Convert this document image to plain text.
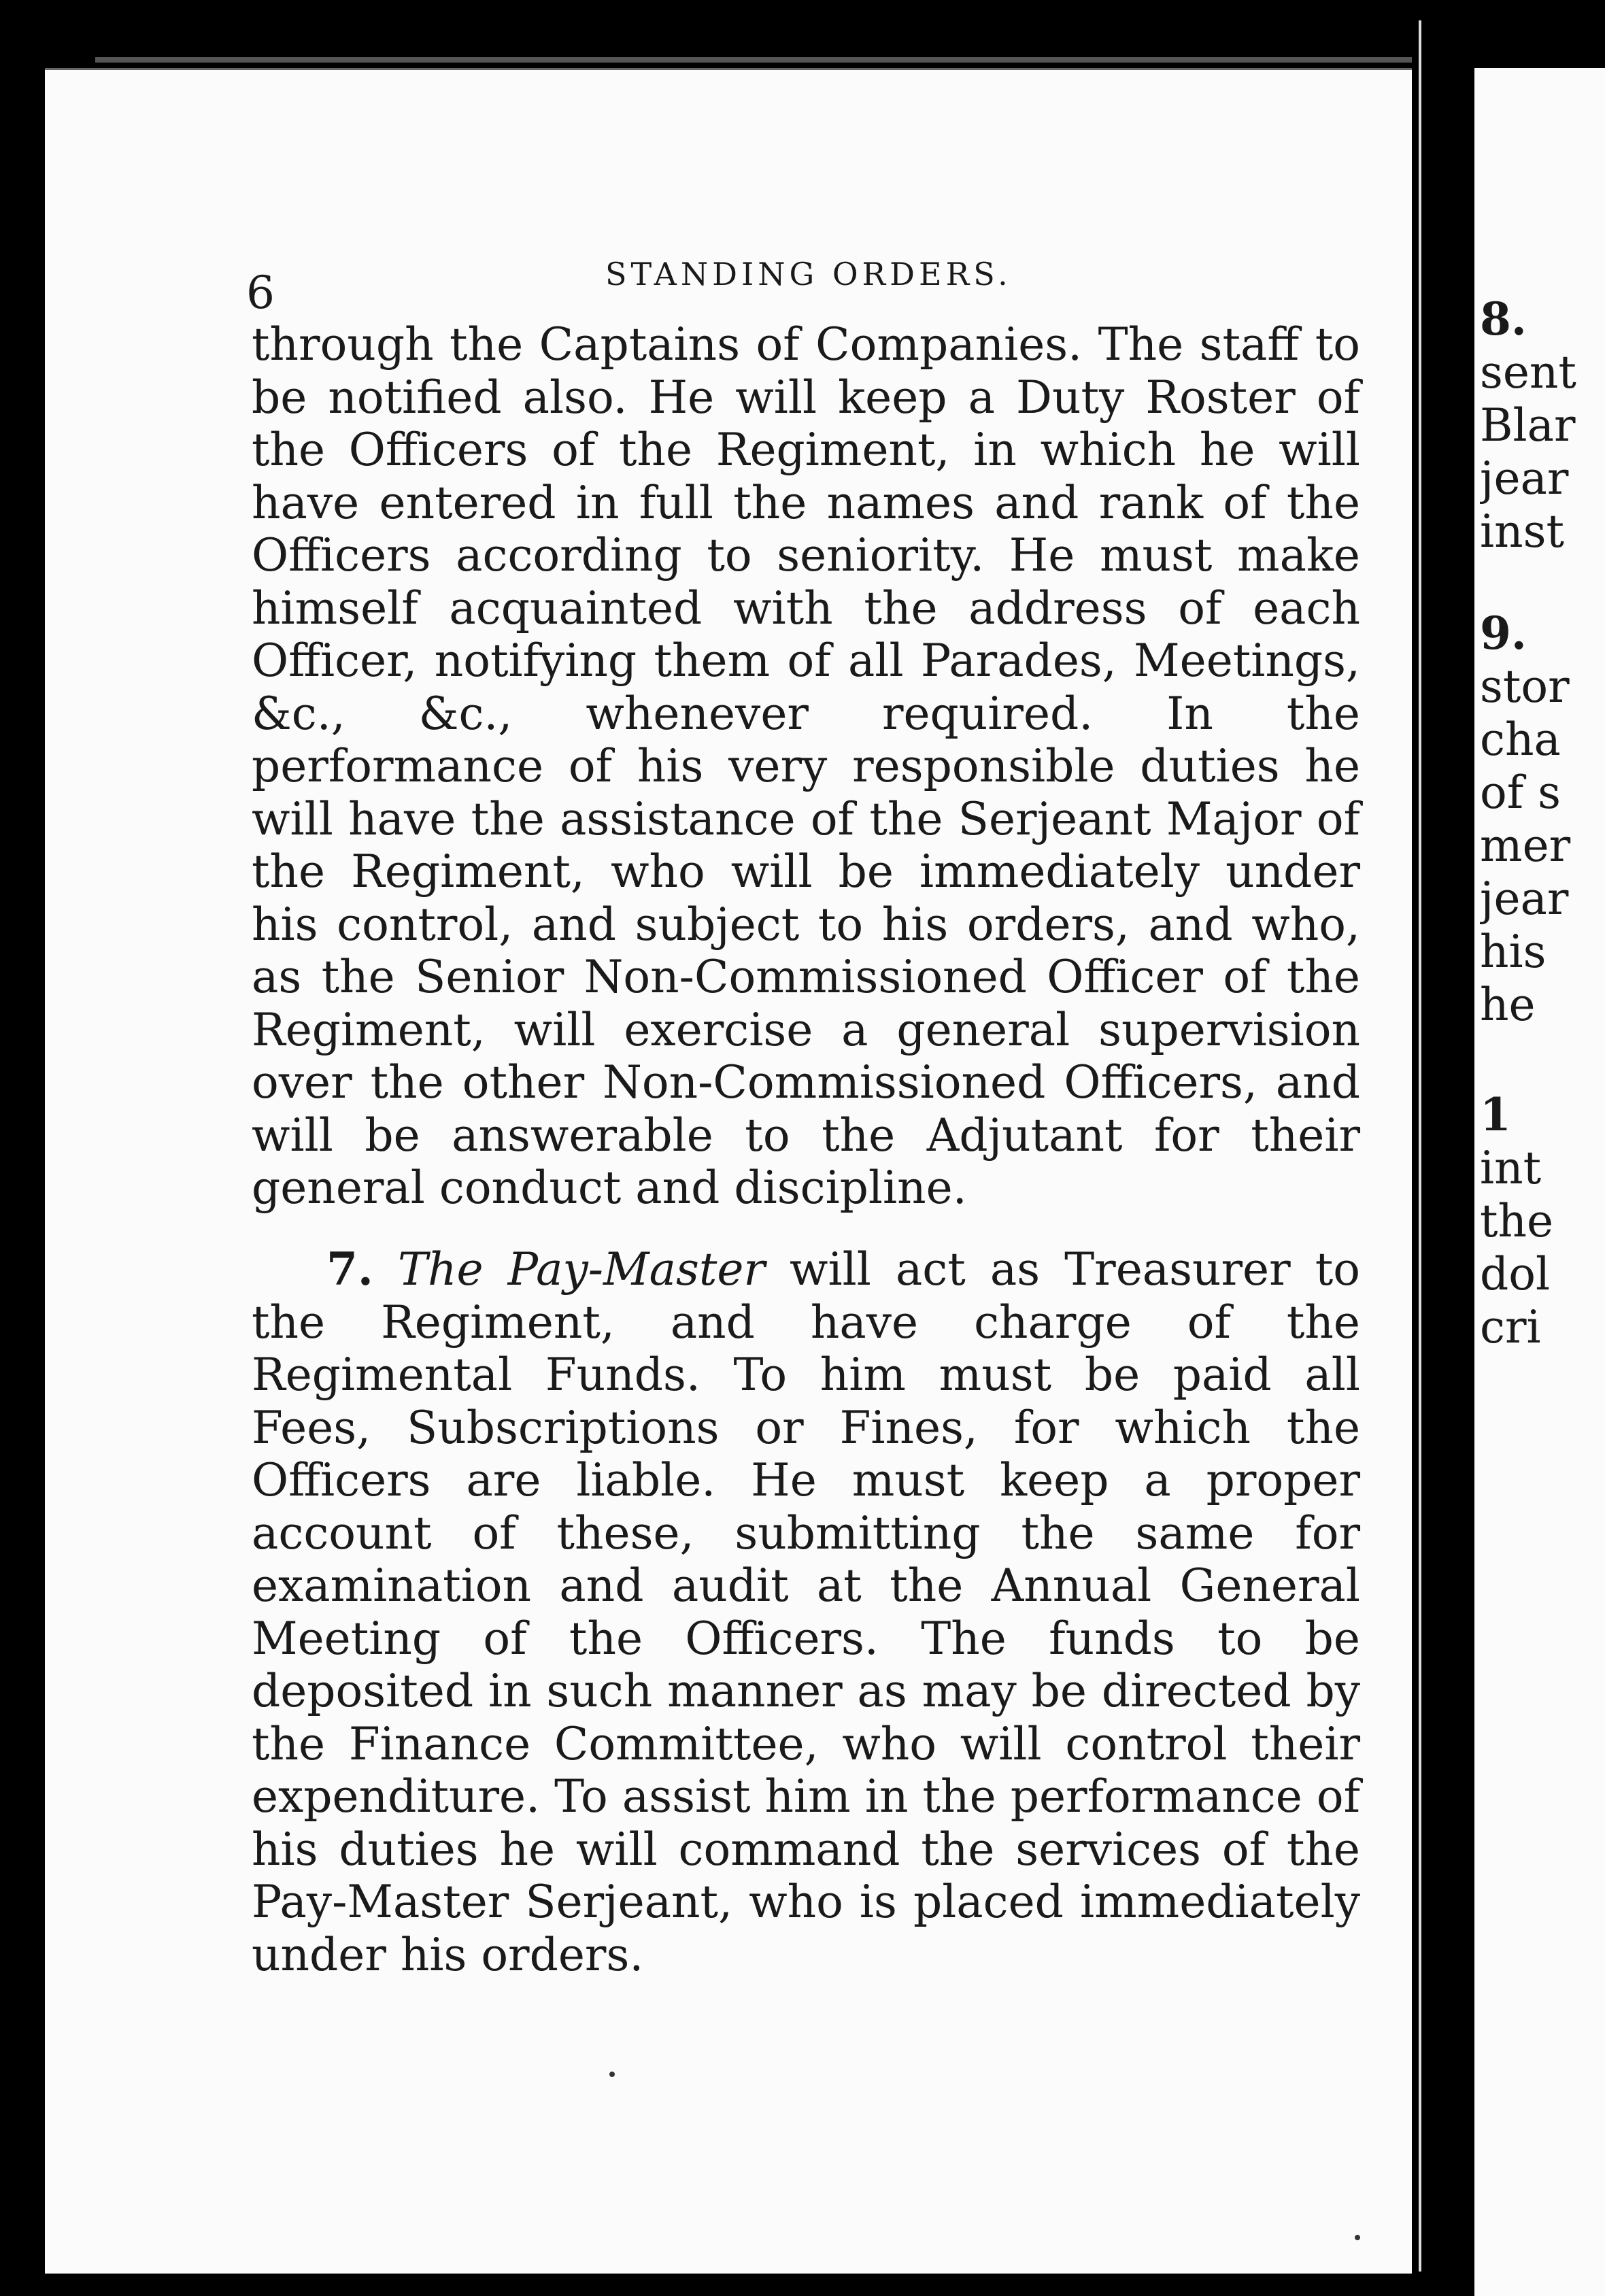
6	STANDING ORDERS.
through the Captains of Companies. The staff to be notified also. He will keep a Duty Roster of the Officers of the Regiment, in which he will have entered in full the names and rank of the Officers according to seniority. He must make himself acquainted with the address of each Officer, notifying them of all Parades, Meetings, &c., &c., whenever required. In the performance of his very responsible duties he will have the assistance of the Serjeant Major of the Regiment, who will be immediately under his control, and subject to his orders, and who, as the Senior Non-Commissioned Officer of the Regiment, will exercise a general supervision over the other Non-Commissioned Officers, and will be answerable to the Adjutant for their general conduct and discipline.
7. The Pay-Master will act as Treasurer to the Regiment, and have charge of the Regimental Funds. To him must be paid all Fees, Subscriptions or Fines, for which the Officers are liable. He must keep a proper account of these, submitting the same for examination and audit at the Annual General Meeting of the Officers. The funds to be deposited in such manner as may be directed by the Finance Committee, who will control their expenditure. To assist him in the performance of his duties he will command the services of the Pay-Master Serjeant, who is placed immediately under his orders.
8.
sent
Blar
jear
inst
9.
stor
cha
of s
mer
jear
his
he
1
int
the
dol
cri
